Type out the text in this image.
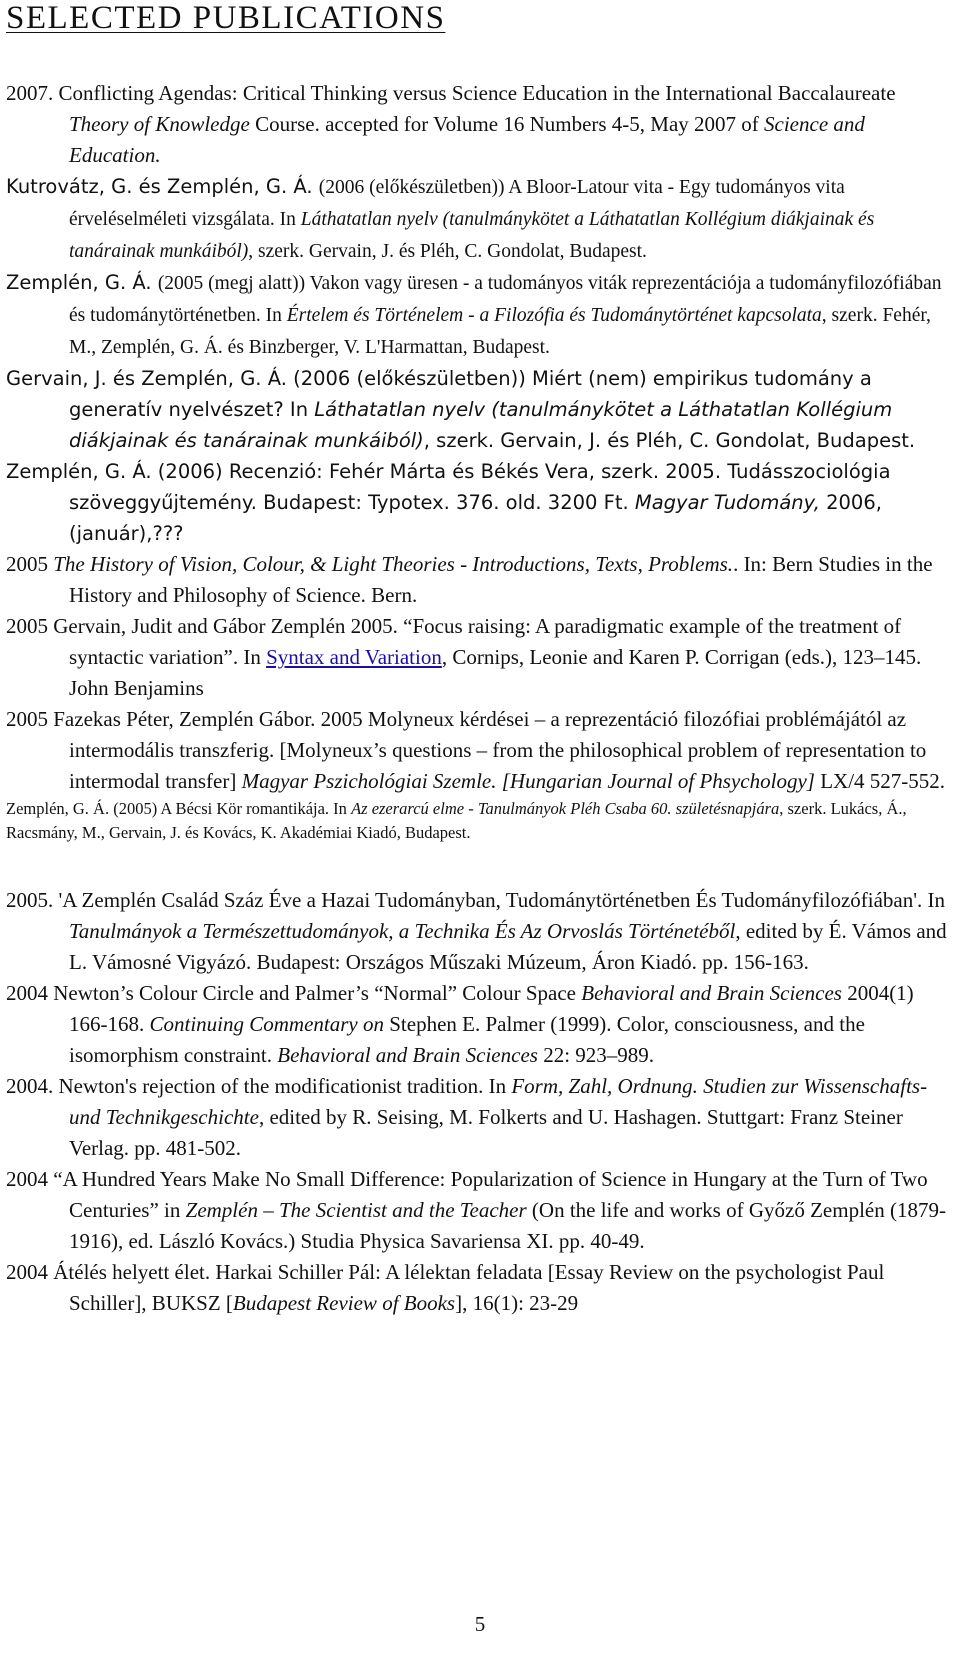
SELECTED PUBLICATIONS

2007. Conflicting Agendas: Critical Thinking versus Science Education in the International Baccalaureate Theory of Knowledge Course. accepted for Volume 16 Numbers 4-5, May 2007 of Science and Education.

Kutrovátz, G. és Zemplén, G. Á. (2006 (előkészületben)) A Bloor-Latour vita - Egy tudományos vita érveléselméleti vizsgálata. In Láthatatlan nyelv (tanulmánykötet a Láthatatlan Kollégium diákjainak és tanárainak munkáiból), szerk. Gervain, J. és Pléh, C. Gondolat, Budapest.

Zemplén, G. Á. (2005 (megj alatt)) Vakon vagy üresen - a tudományos viták reprezentációja a tudományfilozófiában és tudománytörténetben. In Értelem és Történelem - a Filozófia és Tudománytörténet kapcsolata, szerk. Fehér, M., Zemplén, G. Á. és Binzberger, V. L'Harmattan, Budapest.

Gervain, J. és Zemplén, G. Á. (2006 (előkészületben)) Miért (nem) empirikus tudomány a generatív nyelvészet? In Láthatatlan nyelv (tanulmánykötet a Láthatatlan Kollégium diákjainak és tanárainak munkáiból), szerk. Gervain, J. és Pléh, C. Gondolat, Budapest.

Zemplén, G. Á. (2006) Recenzió: Fehér Márta és Békés Vera, szerk. 2005. Tudásszociológia szöveggyűjtemény. Budapest: Typotex. 376. old. 3200 Ft. Magyar Tudomány, 2006, (január),???

2005 The History of Vision, Colour, & Light Theories - Introductions, Texts, Problems.. In: Bern Studies in the History and Philosophy of Science. Bern.

2005 Gervain, Judit and Gábor Zemplén 2005. “Focus raising: A paradigmatic example of the treatment of syntactic variation”. In Syntax and Variation, Cornips, Leonie and Karen P. Corrigan (eds.), 123–145. John Benjamins

2005 Fazekas Péter, Zemplén Gábor. 2005 Molyneux kérdései – a reprezentáció filozófiai problémájától az intermodális transzferig. [Molyneux’s questions – from the philosophical problem of representation to intermodal transfer] Magyar Pszichológiai Szemle. [Hungarian Journal of Phsychology] LX/4 527-552.

Zemplén, G. Á. (2005) A Bécsi Kör romantikája. In Az ezerarcú elme - Tanulmányok Pléh Csaba 60. születésnapjára, szerk. Lukács, Á., Racsmány, M., Gervain, J. és Kovács, K. Akadémiai Kiadó, Budapest.

2005. 'A Zemplén Család Száz Éve a Hazai Tudományban, Tudománytörténetben És Tudományfilozófiában'. In Tanulmányok a Természettudományok, a Technika És Az Orvoslás Történetéből, edited by É. Vámos and L. Vámosné Vigyázó. Budapest: Országos Műszaki Múzeum, Áron Kiadó. pp. 156-163.

2004 Newton’s Colour Circle and Palmer’s “Normal” Colour Space Behavioral and Brain Sciences 2004(1) 166-168. Continuing Commentary on Stephen E. Palmer (1999). Color, consciousness, and the isomorphism constraint. Behavioral and Brain Sciences 22: 923–989.

2004. Newton's rejection of the modificationist tradition. In Form, Zahl, Ordnung. Studien zur Wissenschafts- und Technikgeschichte, edited by R. Seising, M. Folkerts and U. Hashagen. Stuttgart: Franz Steiner Verlag. pp. 481-502.

2004 “A Hundred Years Make No Small Difference: Popularization of Science in Hungary at the Turn of Two Centuries” in Zemplén – The Scientist and the Teacher (On the life and works of Győző Zemplén (1879-1916), ed. László Kovács.) Studia Physica Savariensa XI. pp. 40-49.

2004 Átélés helyett élet. Harkai Schiller Pál: A lélektan feladata [Essay Review on the psychologist Paul Schiller], BUKSZ [Budapest Review of Books], 16(1): 23-29

5
